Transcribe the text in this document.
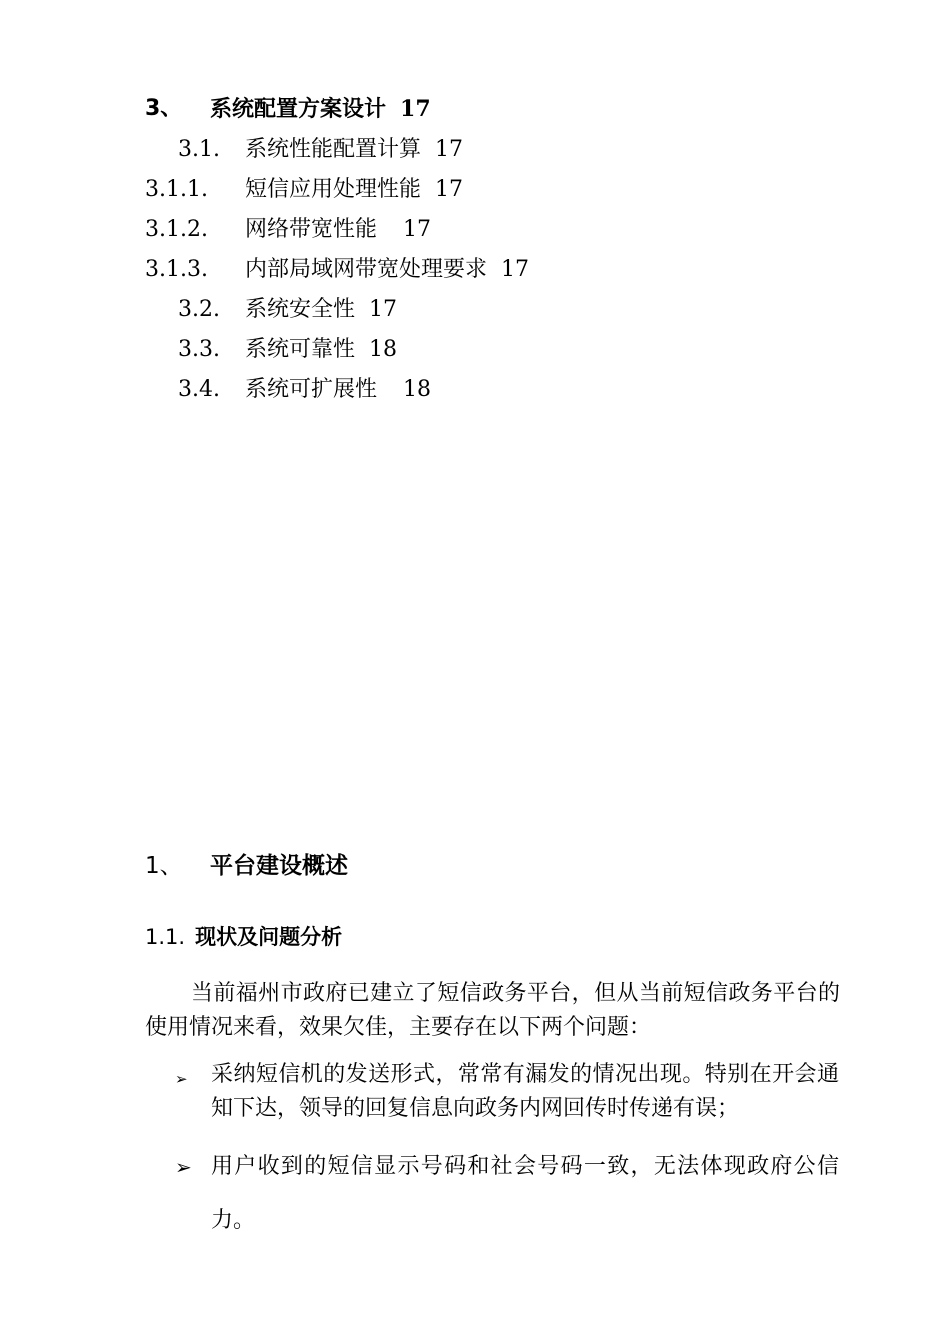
3、 系统配置方案设计 17
3.1. 系统性能配置计算 17
3.1.1. 短信应用处理性能 17
3.1.2. 网络带宽性能 17
3.1.3. 内部局域网带宽处理要求 17
3.2. 系统安全性 17
3.3. 系统可靠性 18
3.4. 系统可扩展性 18
1、 平台建设概述
1.1. 现状及问题分析
当前福州市政府已建立了短信政务平台，但从当前短信政务平台的使用情况来看，效果欠佳，主要存在以下两个问题：
➢ 采纳短信机的发送形式，常常有漏发的情况出现。特别在开会通知下达，领导的回复信息向政务内网回传时传递有误；
➢ 用户收到的短信显示号码和社会号码一致，无法体现政府公信力。
